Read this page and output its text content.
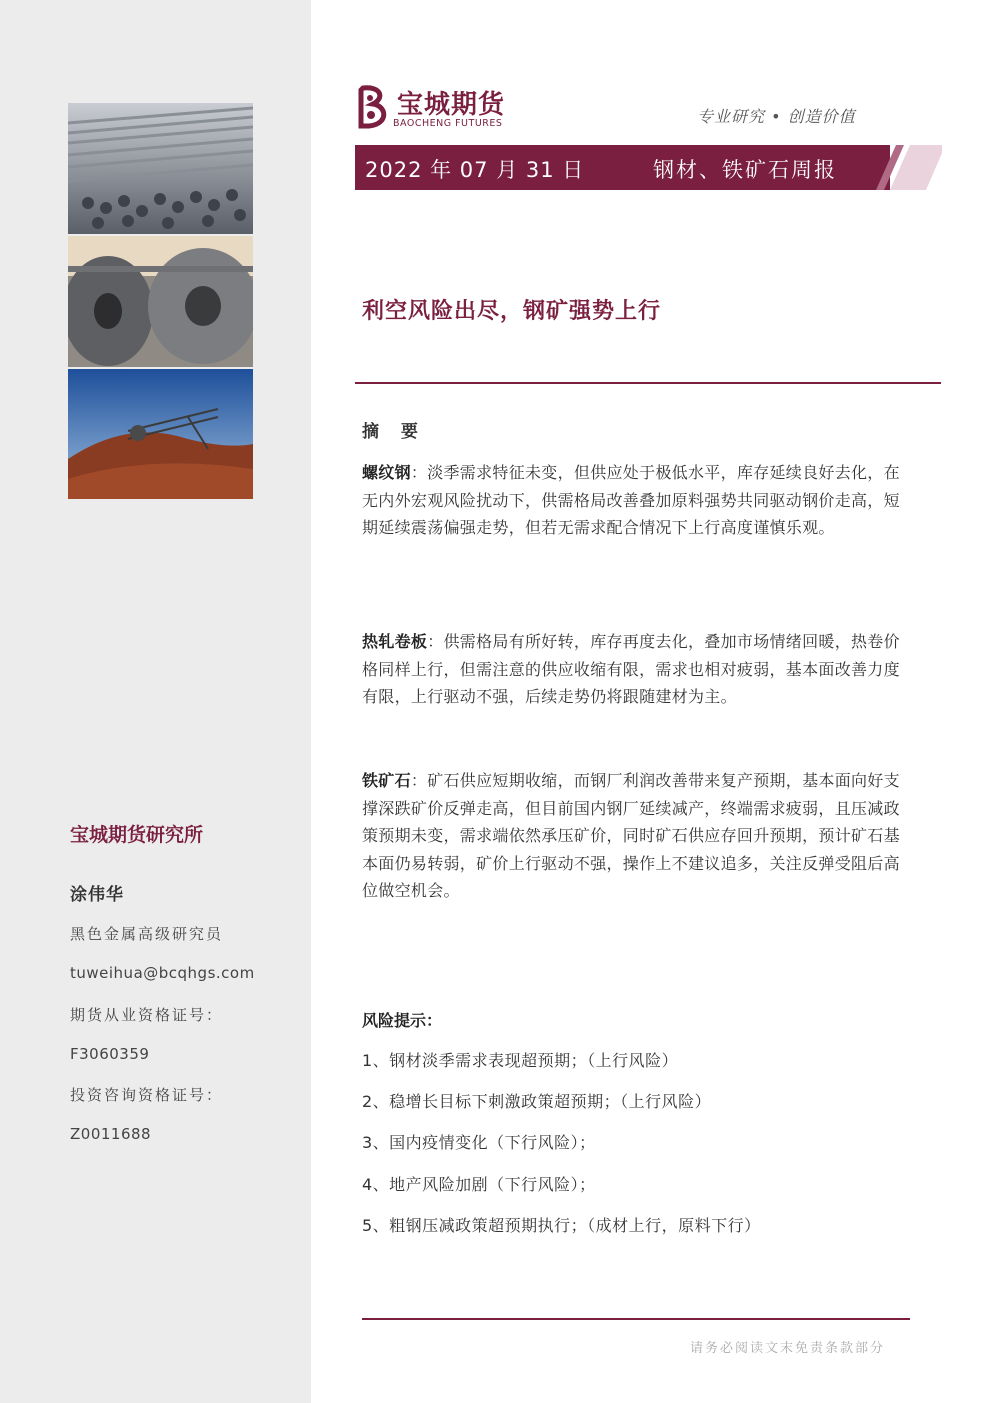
宝城期货研究所
涂伟华
黑色金属高级研究员
tuweihua@bcqhgs.com
期货从业资格证号：
F3060359
投资咨询资格证号：
Z0011688
宝城期货
BAOCHENG FUTURES	专业研究 • 创造价值
2022 年 07 月 31 日	钢材、铁矿石周报
利空风险出尽，钢矿强势上行
摘 要
螺纹钢：淡季需求特征未变，但供应处于极低水平，库存延续良好去化，在无内外宏观风险扰动下，供需格局改善叠加原料强势共同驱动钢价走高，短期延续震荡偏强走势，但若无需求配合情况下上行高度谨慎乐观。
热轧卷板：供需格局有所好转，库存再度去化，叠加市场情绪回暖，热卷价格同样上行，但需注意的供应收缩有限，需求也相对疲弱，基本面改善力度有限，上行驱动不强，后续走势仍将跟随建材为主。
铁矿石：矿石供应短期收缩，而钢厂利润改善带来复产预期，基本面向好支撑深跌矿价反弹走高，但目前国内钢厂延续减产，终端需求疲弱，且压减政策预期未变，需求端依然承压矿价，同时矿石供应存回升预期，预计矿石基本面仍易转弱，矿价上行驱动不强，操作上不建议追多，关注反弹受阻后高位做空机会。
风险提示：
1、钢材淡季需求表现超预期；（上行风险）
2、稳增长目标下刺激政策超预期；（上行风险）
3、国内疫情变化（下行风险）；
4、地产风险加剧（下行风险）；
5、粗钢压减政策超预期执行；（成材上行，原料下行）
请务必阅读文末免责条款部分
